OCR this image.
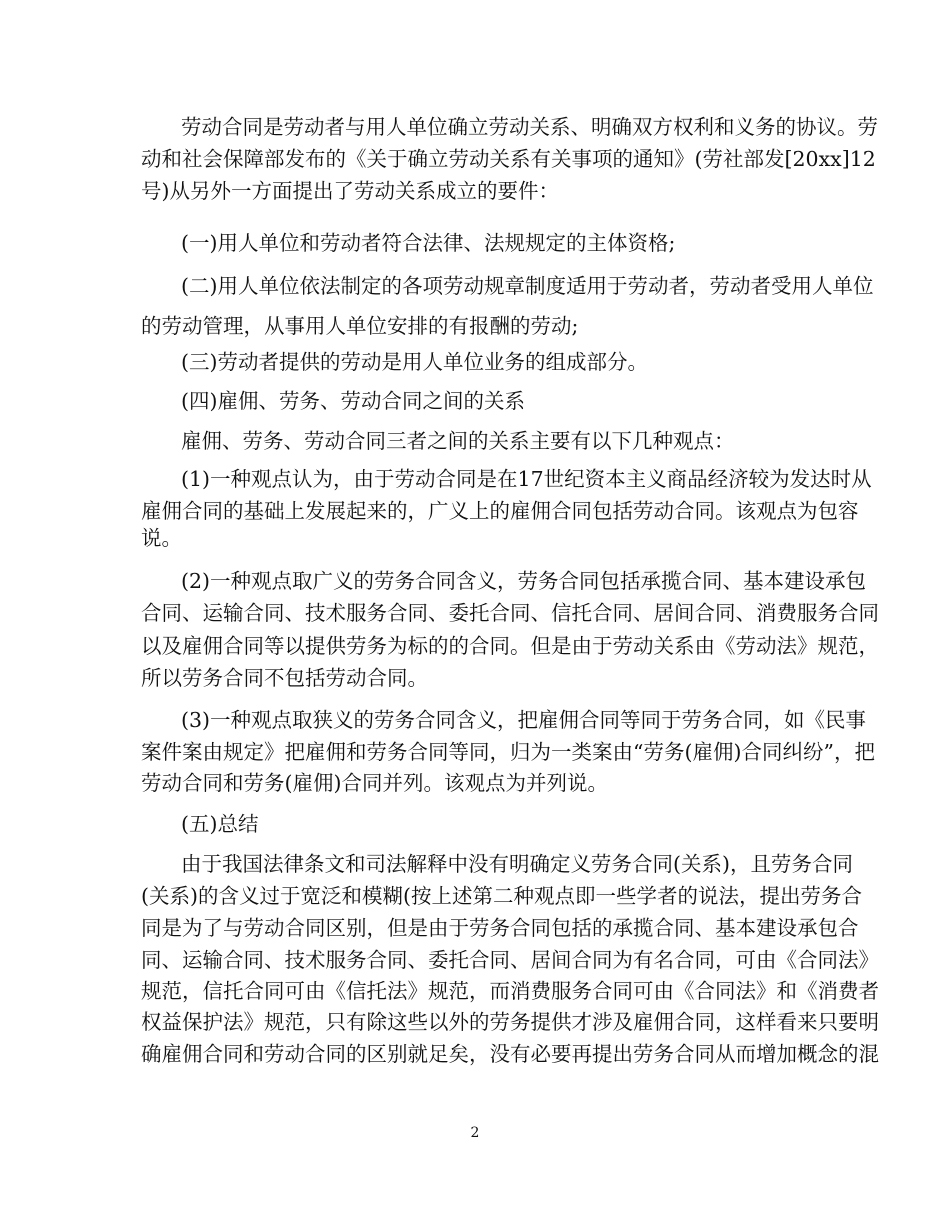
劳动合同是劳动者与用人单位确立劳动关系、明确双方权利和义务的协议。劳
动和社会保障部发布的《关于确立劳动关系有关事项的通知》(劳社部发[20xx]12
号)从另外一方面提出了劳动关系成立的要件：
(一)用人单位和劳动者符合法律、法规规定的主体资格;
(二)用人单位依法制定的各项劳动规章制度适用于劳动者，劳动者受用人单位
的劳动管理，从事用人单位安排的有报酬的劳动;
(三)劳动者提供的劳动是用人单位业务的组成部分。
(四)雇佣、劳务、劳动合同之间的关系
雇佣、劳务、劳动合同三者之间的关系主要有以下几种观点：
(1)一种观点认为，由于劳动合同是在17世纪资本主义商品经济较为发达时从
雇佣合同的基础上发展起来的，广义上的雇佣合同包括劳动合同。该观点为包容
说。
(2)一种观点取广义的劳务合同含义，劳务合同包括承揽合同、基本建设承包
合同、运输合同、技术服务合同、委托合同、信托合同、居间合同、消费服务合同
以及雇佣合同等以提供劳务为标的的合同。但是由于劳动关系由《劳动法》规范，
所以劳务合同不包括劳动合同。
(3)一种观点取狭义的劳务合同含义，把雇佣合同等同于劳务合同，如《民事
案件案由规定》把雇佣和劳务合同等同，归为一类案由“劳务(雇佣)合同纠纷”，把
劳动合同和劳务(雇佣)合同并列。该观点为并列说。
(五)总结
由于我国法律条文和司法解释中没有明确定义劳务合同(关系)，且劳务合同
(关系)的含义过于宽泛和模糊(按上述第二种观点即一些学者的说法，提出劳务合
同是为了与劳动合同区别，但是由于劳务合同包括的承揽合同、基本建设承包合
同、运输合同、技术服务合同、委托合同、居间合同为有名合同，可由《合同法》
规范，信托合同可由《信托法》规范，而消费服务合同可由《合同法》和《消费者
权益保护法》规范，只有除这些以外的劳务提供才涉及雇佣合同，这样看来只要明
确雇佣合同和劳动合同的区别就足矣，没有必要再提出劳务合同从而增加概念的混
2
